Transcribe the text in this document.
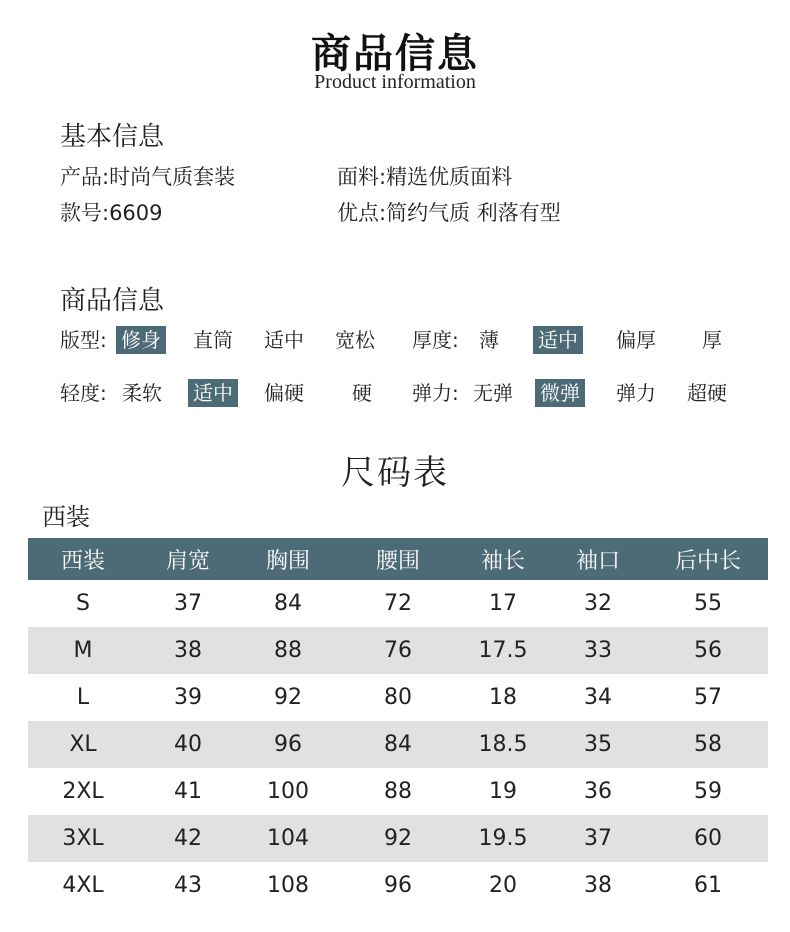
商品信息
Product information
基本信息
产品:时尚气质套装	面料:精选优质面料
款号:6609	优点:简约气质 利落有型
商品信息
版型: 修身 直筒 适中 宽松 厚度: 薄 适中 偏厚 厚
轻度: 柔软 适中 偏硬 硬 弹力: 无弹 微弹 弹力 超硬
尺码表
西装
西装	肩宽	胸围	腰围	袖长	袖口	后中长
S	37	84	72	17	32	55
M	38	88	76	17.5	33	56
L	39	92	80	18	34	57
XL	40	96	84	18.5	35	58
2XL	41	100	88	19	36	59
3XL	42	104	92	19.5	37	60
4XL	43	108	96	20	38	61
